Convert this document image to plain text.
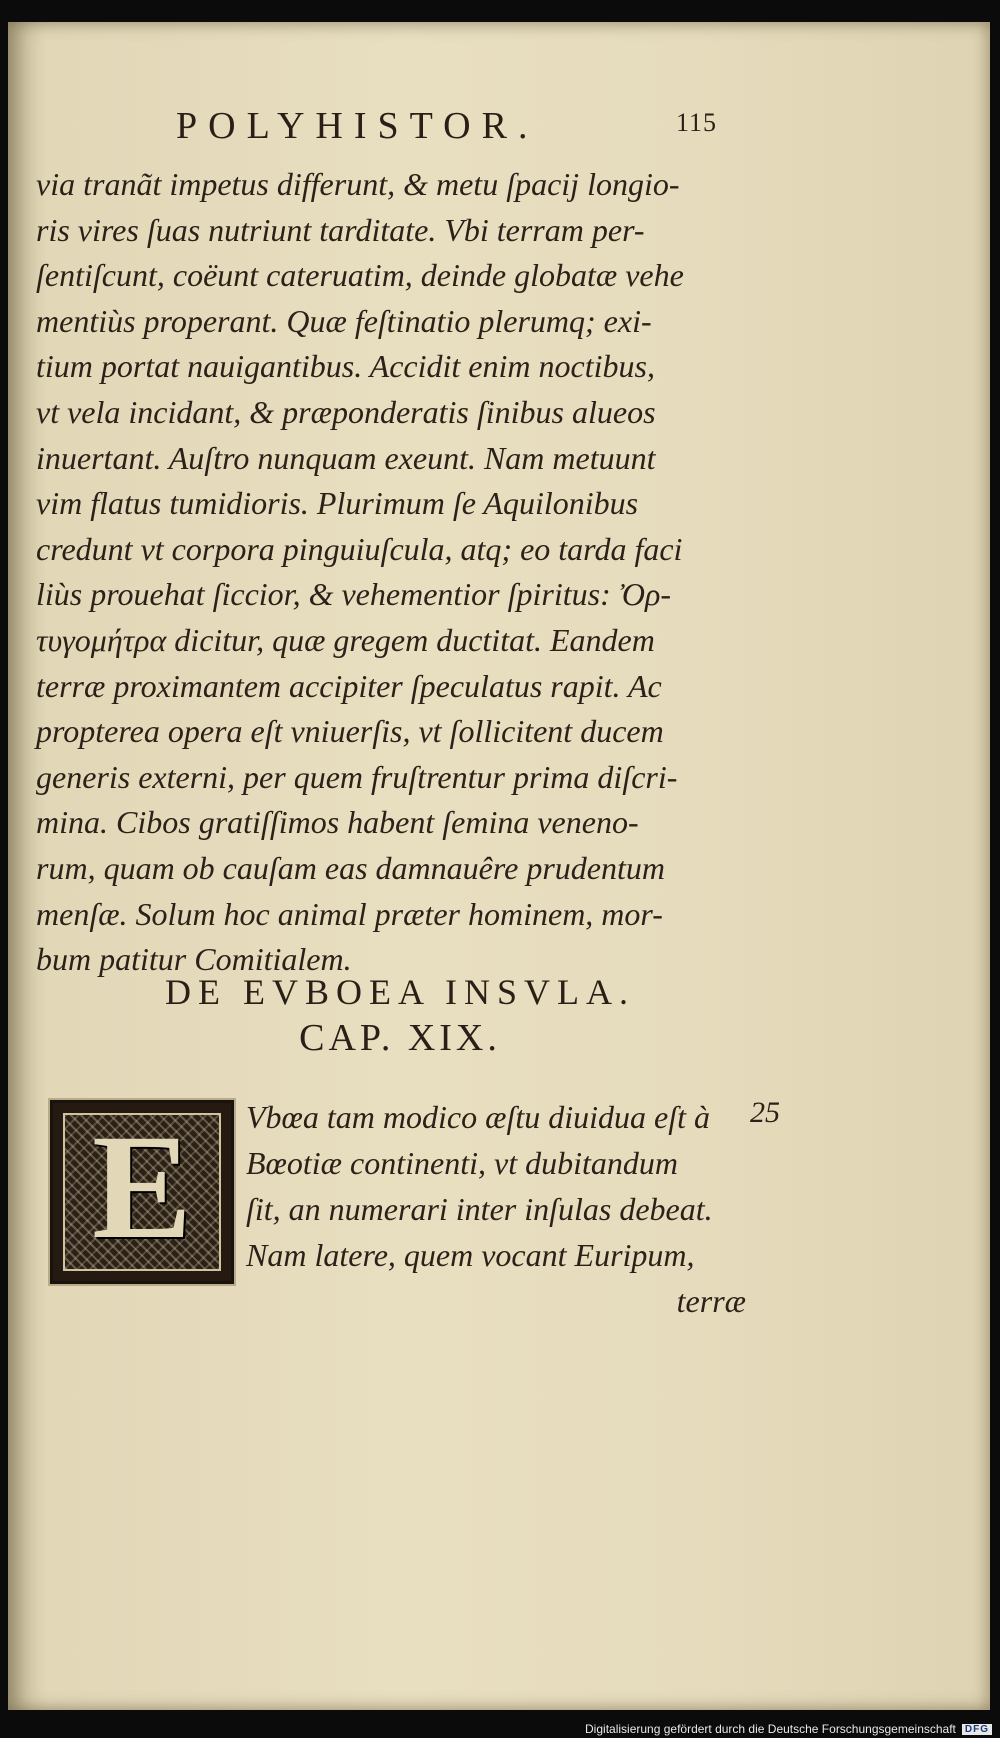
POLYHISTOR.	115
via tranãt impetus differunt, & metu ſpacij longio-
ris vires ſuas nutriunt tarditate. Vbi terram per-
ſentiſcunt, coëunt cateruatim, deinde globatæ vehe
mentiùs properant. Quæ feſtinatio plerumq; exi-
tium portat nauigantibus. Accidit enim noctibus,
vt vela incidant, & præponderatis ſinibus alueos
inuertant. Auſtro nunquam exeunt. Nam metuunt
vim flatus tumidioris. Plurimum ſe Aquilonibus
credunt vt corpora pinguiuſcula, atq; eo tarda faci
liùs prouehat ſiccior, & vehementior ſpiritus: Ὀρ-
τυγομήτρα dicitur, quæ gregem ductitat. Eandem
terræ proximantem accipiter ſpeculatus rapit. Ac
propterea opera eſt vniuerſis, vt ſollicitent ducem
generis externi, per quem fruſtrentur prima diſcri-
mina. Cibos gratiſſimos habent ſemina veneno-
rum, quam ob cauſam eas damnauêre prudentum
menſæ. Solum hoc animal præter hominem, mor-
bum patitur Comitialem.
DE EVBOEA INSVLA.
CAP. XIX.
E	Vbœa tam modico æſtu diuidua eſt à
Bœotiæ continenti, vt dubitandum
ſit, an numerari inter inſulas debeat.
Nam latere, quem vocant Euripum,
terræ
25
Digitalisierung gefördert durch die Deutsche Forschungsgemeinschaft DFG
